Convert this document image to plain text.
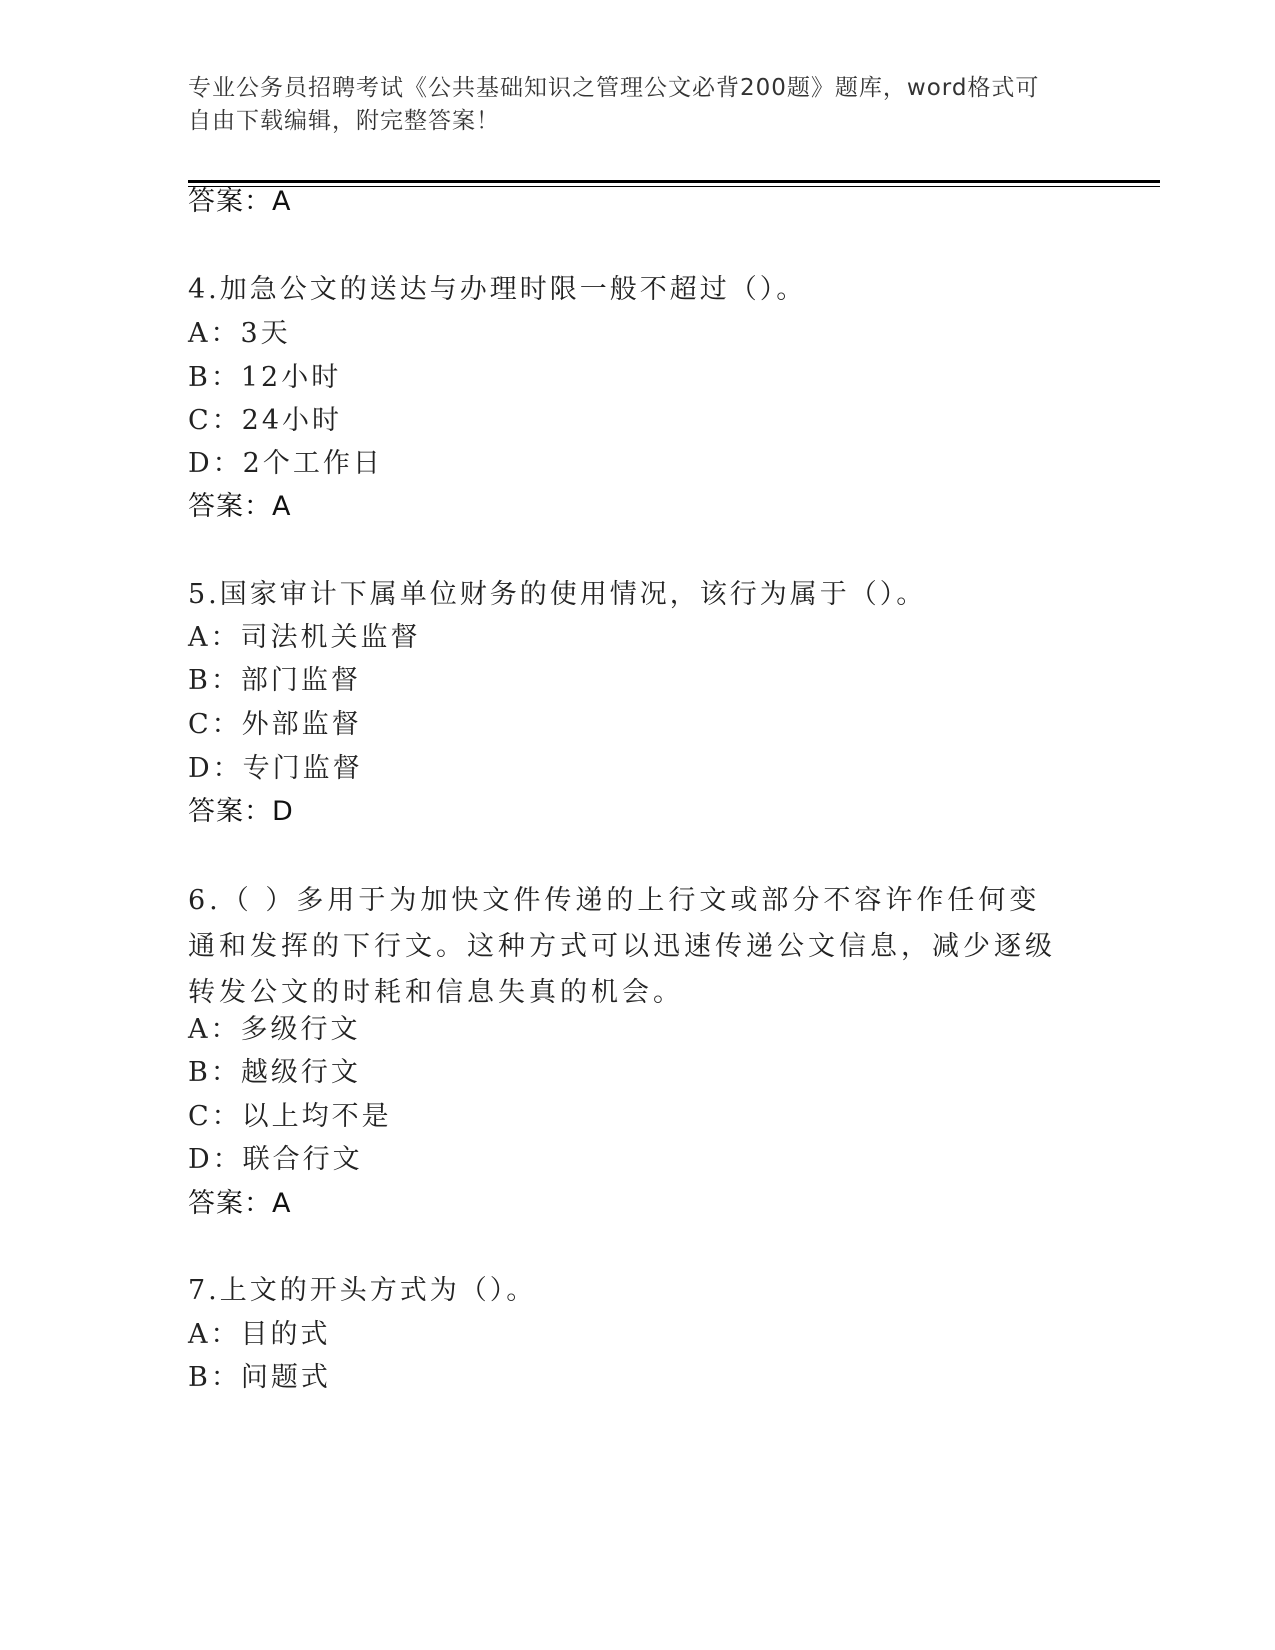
专业公务员招聘考试《公共基础知识之管理公文必背200题》题库，word格式可
自由下载编辑，附完整答案！
答案：A
4.加急公文的送达与办理时限一般不超过（）。
A：3天
B：12小时
C：24小时
D：2个工作日
答案：A
5.国家审计下属单位财务的使用情况，该行为属于（）。
A：司法机关监督
B：部门监督
C：外部监督
D：专门监督
答案：D
6.（ ）多用于为加快文件传递的上行文或部分不容许作任何变通和发挥的下行文。这种方式可以迅速传递公文信息，减少逐级转发公文的时耗和信息失真的机会。
A：多级行文
B：越级行文
C：以上均不是
D：联合行文
答案：A
7.上文的开头方式为（）。
A：目的式
B：问题式
